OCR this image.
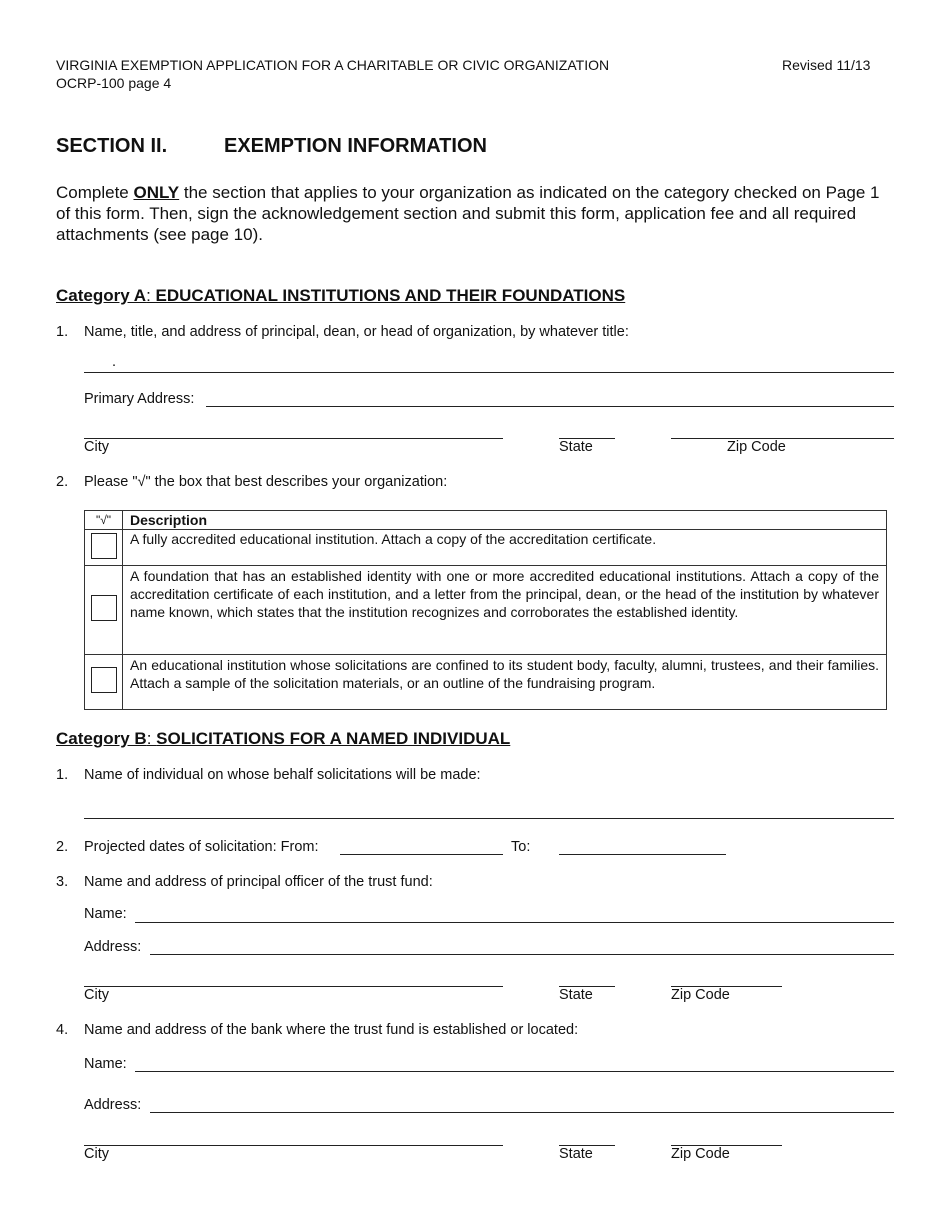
VIRGINIA EXEMPTION APPLICATION FOR A CHARITABLE OR CIVIC ORGANIZATION	Revised 11/13
OCRP-100 page 4
SECTION II.	EXEMPTION INFORMATION
Complete ONLY the section that applies to your organization as indicated on the category checked on Page 1 of this form. Then, sign the acknowledgement section and submit this form, application fee and all required attachments (see page 10).
Category A: EDUCATIONAL INSTITUTIONS AND THEIR FOUNDATIONS
1. Name, title, and address of principal, dean, or head of organization, by whatever title:
.
Primary Address:
City	State	Zip Code
2. Please "√" the box that best describes your organization:
"√"	Description
	A fully accredited educational institution. Attach a copy of the accreditation certificate.
	A foundation that has an established identity with one or more accredited educational institutions. Attach a copy of the accreditation certificate of each institution, and a letter from the principal, dean, or the head of the institution by whatever name known, which states that the institution recognizes and corroborates the established identity.
	An educational institution whose solicitations are confined to its student body, faculty, alumni, trustees, and their families. Attach a sample of the solicitation materials, or an outline of the fundraising program.
Category B: SOLICITATIONS FOR A NAMED INDIVIDUAL
1. Name of individual on whose behalf solicitations will be made:
2. Projected dates of solicitation: From:	To:
3. Name and address of principal officer of the trust fund:
Name:
Address:
City	State	Zip Code
4. Name and address of the bank where the trust fund is established or located:
Name:
Address:
City	State	Zip Code
